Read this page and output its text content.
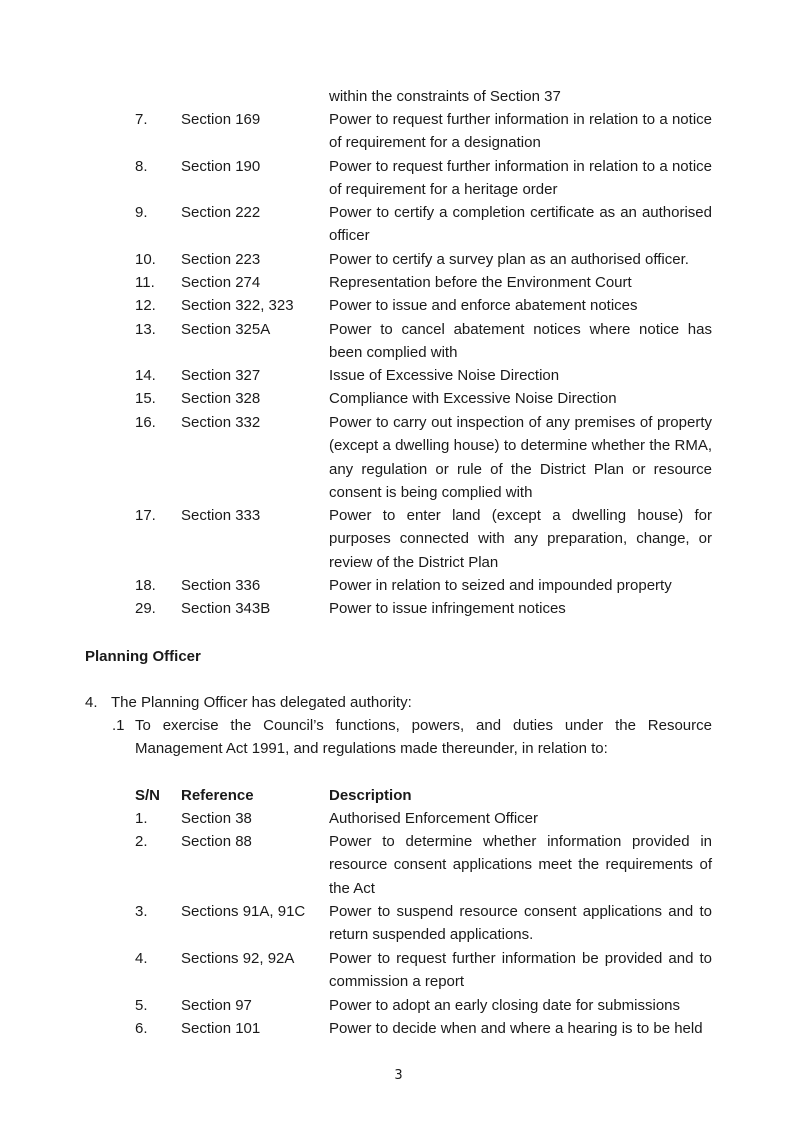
within the constraints of Section 37
7. Section 169	Power to request further information in relation to a notice of requirement for a designation
8. Section 190	Power to request further information in relation to a notice of requirement for a heritage order
9. Section 222	Power to certify a completion certificate as an authorised officer
10. Section 223	Power to certify a survey plan as an authorised officer.
11. Section 274	Representation before the Environment Court
12. Section 322, 323 Power to issue and enforce abatement notices
13. Section 325A	Power to cancel abatement notices where notice has been complied with
14. Section 327	Issue of Excessive Noise Direction
15. Section 328	Compliance with Excessive Noise Direction
16. Section 332	Power to carry out inspection of any premises of property (except a dwelling house) to determine whether the RMA, any regulation or rule of the District Plan or resource consent is being complied with
17. Section 333	Power to enter land (except a dwelling house) for purposes connected with any preparation, change, or review of the District Plan
18. Section 336	Power in relation to seized and impounded property
29. Section 343B	Power to issue infringement notices
Planning Officer
4. The Planning Officer has delegated authority:
.1 To exercise the Council’s functions, powers, and duties under the Resource Management Act 1991, and regulations made thereunder, in relation to:
S/N Reference	Description
1. Section 38	Authorised Enforcement Officer
2. Section 88	Power to determine whether information provided in resource consent applications meet the requirements of the Act
3. Sections 91A, 91C Power to suspend resource consent applications and to return suspended applications.
4. Sections 92, 92A Power to request further information be provided and to commission a report
5. Section 97	Power to adopt an early closing date for submissions
6. Section 101	Power to decide when and where a hearing is to be held
3
